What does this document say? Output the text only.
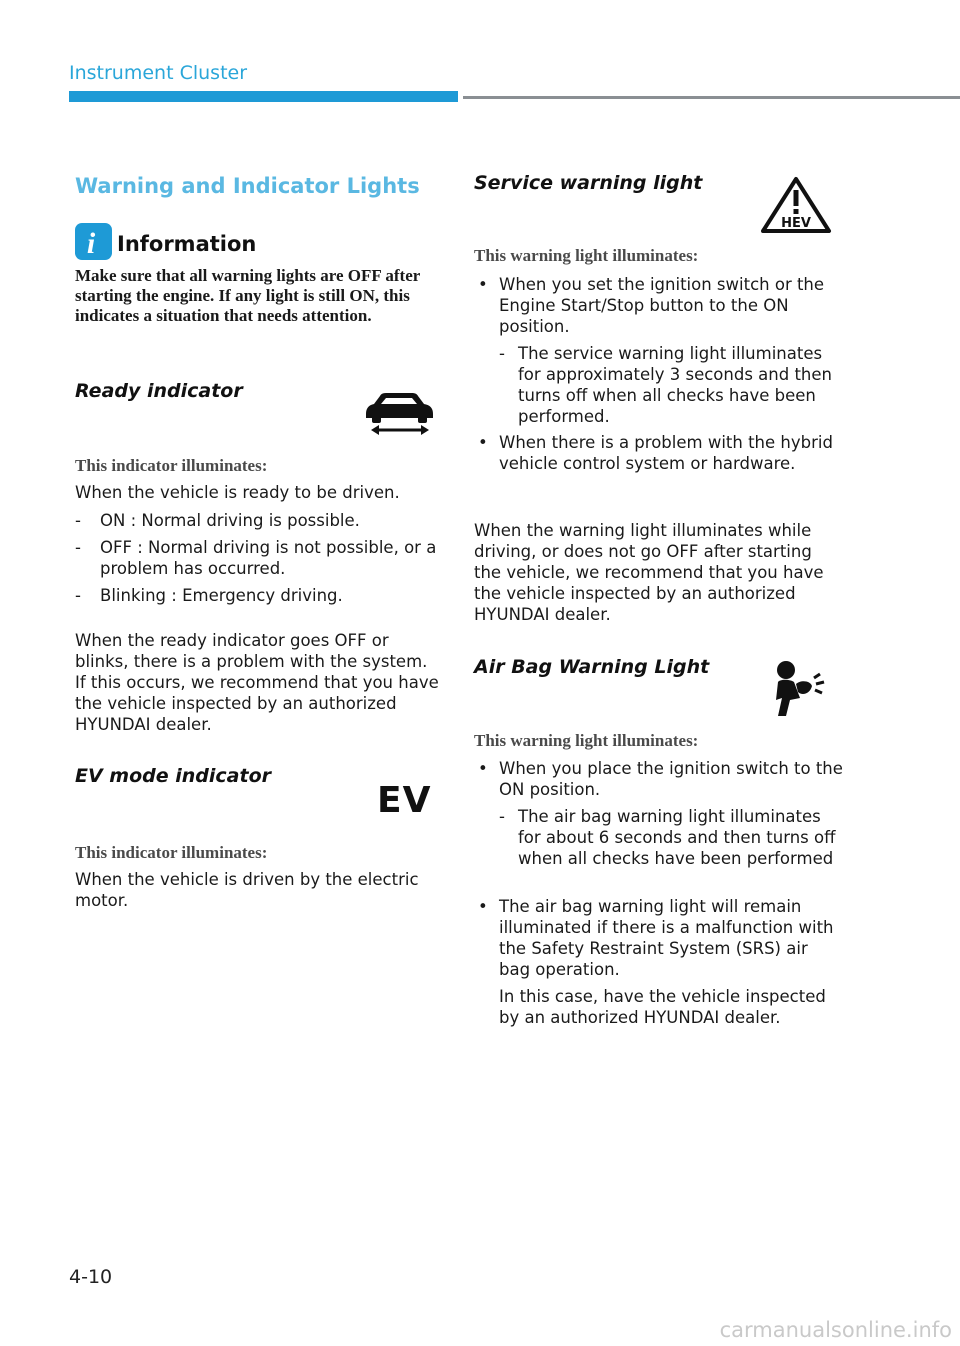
Instrument Cluster
Warning and Indicator Lights
i Information
Make sure that all warning lights are OFF after starting the engine. If any light is still ON, this indicates a situation that needs attention.
Ready indicator
This indicator illuminates:
When the vehicle is ready to be driven.
- ON : Normal driving is possible.
- OFF : Normal driving is not possible, or a problem has occurred.
- Blinking : Emergency driving.
When the ready indicator goes OFF or blinks, there is a problem with the system. If this occurs, we recommend that you have the vehicle inspected by an authorized HYUNDAI dealer.
EV mode indicator
EV
This indicator illuminates:
When the vehicle is driven by the electric motor.
Service warning light
HEV
This warning light illuminates:
• When you set the ignition switch or the Engine Start/Stop button to the ON position.
- The service warning light illuminates for approximately 3 seconds and then turns off when all checks have been performed.
• When there is a problem with the hybrid vehicle control system or hardware.
When the warning light illuminates while driving, or does not go OFF after starting the vehicle, we recommend that you have the vehicle inspected by an authorized HYUNDAI dealer.
Air Bag Warning Light
This warning light illuminates:
• When you place the ignition switch to the ON position.
- The air bag warning light illuminates for about 6 seconds and then turns off when all checks have been performed
• The air bag warning light will remain illuminated if there is a malfunction with the Safety Restraint System (SRS) air bag operation.
In this case, have the vehicle inspected by an authorized HYUNDAI dealer.
4-10
carmanualsonline.info
